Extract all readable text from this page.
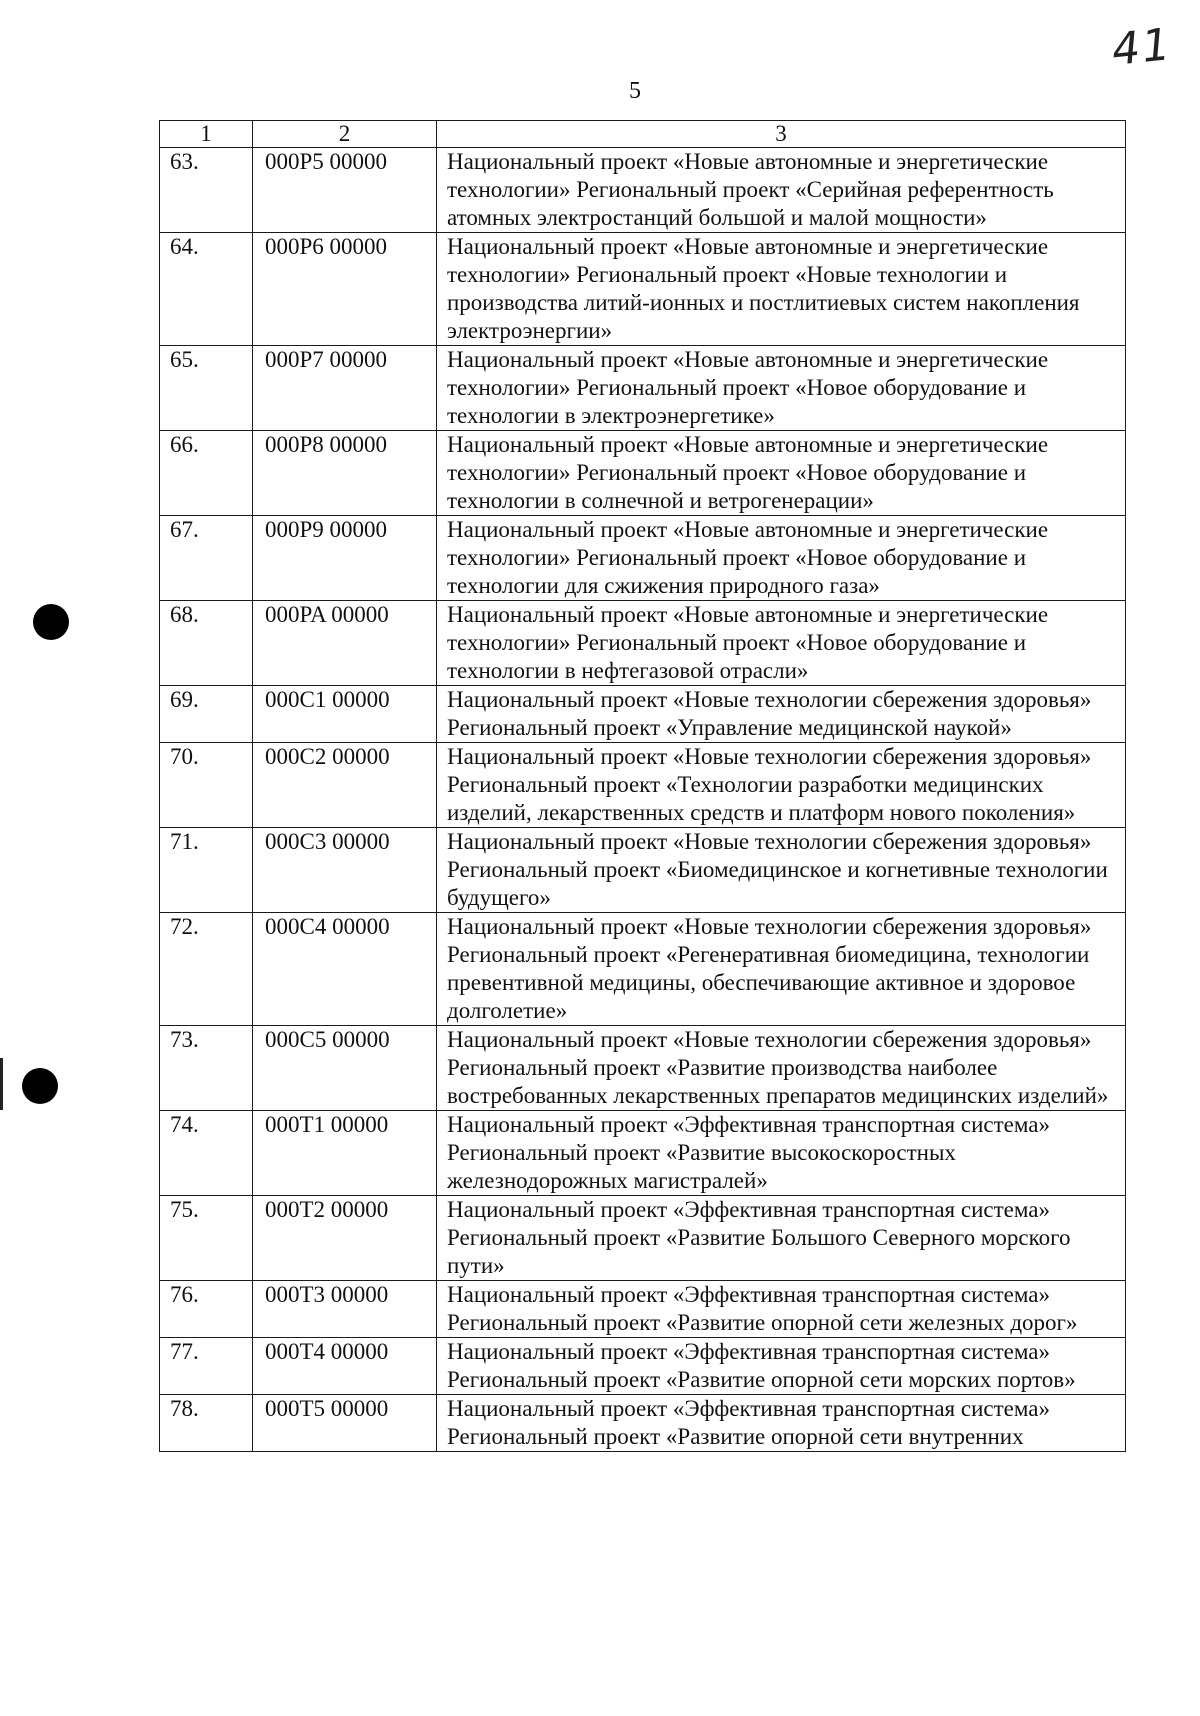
41
5
1	2	3
63.	000P5 00000	Национальный проект «Новые автономные и энергетические технологии» Региональный проект «Серийная референтность атомных электростанций большой и малой мощности»
64.	000P6 00000	Национальный проект «Новые автономные и энергетические технологии» Региональный проект «Новые технологии и производства литий-ионных и постлитиевых систем накопления электроэнергии»
65.	000P7 00000	Национальный проект «Новые автономные и энергетические технологии» Региональный проект «Новое оборудование и технологии в электроэнергетике»
66.	000P8 00000	Национальный проект «Новые автономные и энергетические технологии» Региональный проект «Новое оборудование и технологии в солнечной и ветрогенерации»
67.	000P9 00000	Национальный проект «Новые автономные и энергетические технологии» Региональный проект «Новое оборудование и технологии для сжижения природного газа»
68.	000PA 00000	Национальный проект «Новые автономные и энергетические технологии» Региональный проект «Новое оборудование и технологии в нефтегазовой отрасли»
69.	000C1 00000	Национальный проект «Новые технологии сбережения здоровья» Региональный проект «Управление медицинской наукой»
70.	000C2 00000	Национальный проект «Новые технологии сбережения здоровья» Региональный проект «Технологии разработки медицинских изделий, лекарственных средств и платформ нового поколения»
71.	000C3 00000	Национальный проект «Новые технологии сбережения здоровья» Региональный проект «Биомедицинское и когнетивные технологии будущего»
72.	000C4 00000	Национальный проект «Новые технологии сбережения здоровья» Региональный проект «Регенеративная биомедицина, технологии превентивной медицины, обеспечивающие активное и здоровое долголетие»
73.	000C5 00000	Национальный проект «Новые технологии сбережения здоровья» Региональный проект «Развитие производства наиболее востребованных лекарственных препаратов медицинских изделий»
74.	000T1 00000	Национальный проект «Эффективная транспортная система» Региональный проект «Развитие высокоскоростных железнодорожных магистралей»
75.	000T2 00000	Национальный проект «Эффективная транспортная система» Региональный проект «Развитие Большого Северного морского пути»
76.	000T3 00000	Национальный проект «Эффективная транспортная система» Региональный проект «Развитие опорной сети железных дорог»
77.	000T4 00000	Национальный проект «Эффективная транспортная система» Региональный проект «Развитие опорной сети морских портов»
78.	000T5 00000	Национальный проект «Эффективная транспортная система» Региональный проект «Развитие опорной сети внутренних
